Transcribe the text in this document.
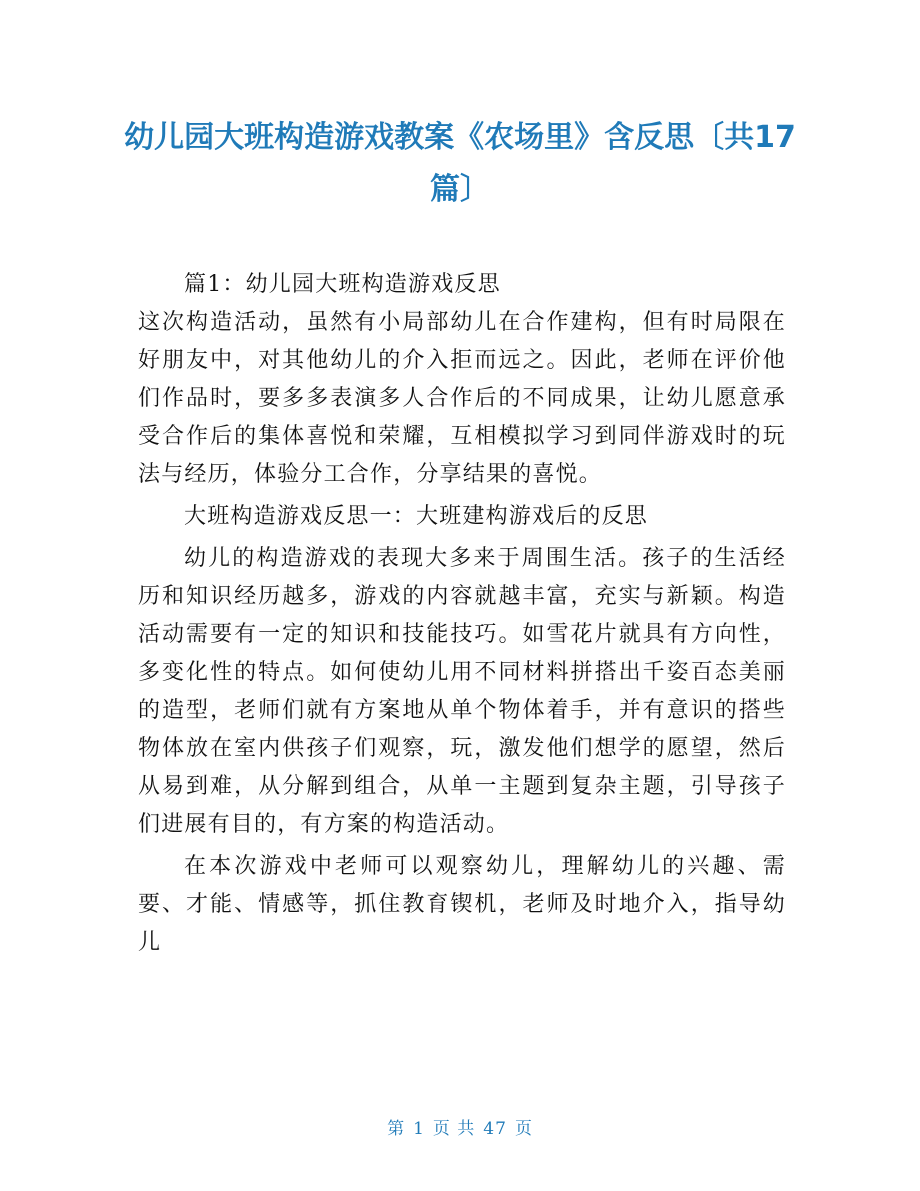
幼儿园大班构造游戏教案《农场里》含反思〔共17篇〕

篇1：幼儿园大班构造游戏反思

这次构造活动，虽然有小局部幼儿在合作建构，但有时局限在好朋友中，对其他幼儿的介入拒而远之。因此，老师在评价他们作品时，要多多表演多人合作后的不同成果，让幼儿愿意承受合作后的集体喜悦和荣耀，互相模拟学习到同伴游戏时的玩法与经历，体验分工合作，分享结果的喜悦。

大班构造游戏反思一：大班建构游戏后的反思

幼儿的构造游戏的表现大多来于周围生活。孩子的生活经历和知识经历越多，游戏的内容就越丰富，充实与新颖。构造活动需要有一定的知识和技能技巧。如雪花片就具有方向性，多变化性的特点。如何使幼儿用不同材料拼搭出千姿百态美丽的造型，老师们就有方案地从单个物体着手，并有意识的搭些物体放在室内供孩子们观察，玩，激发他们想学的愿望，然后从易到难，从分解到组合，从单一主题到复杂主题，引导孩子们进展有目的，有方案的构造活动。

在本次游戏中老师可以观察幼儿，理解幼儿的兴趣、需要、才能、情感等，抓住教育锲机，老师及时地介入，指导幼儿

第 1 页 共 47 页
